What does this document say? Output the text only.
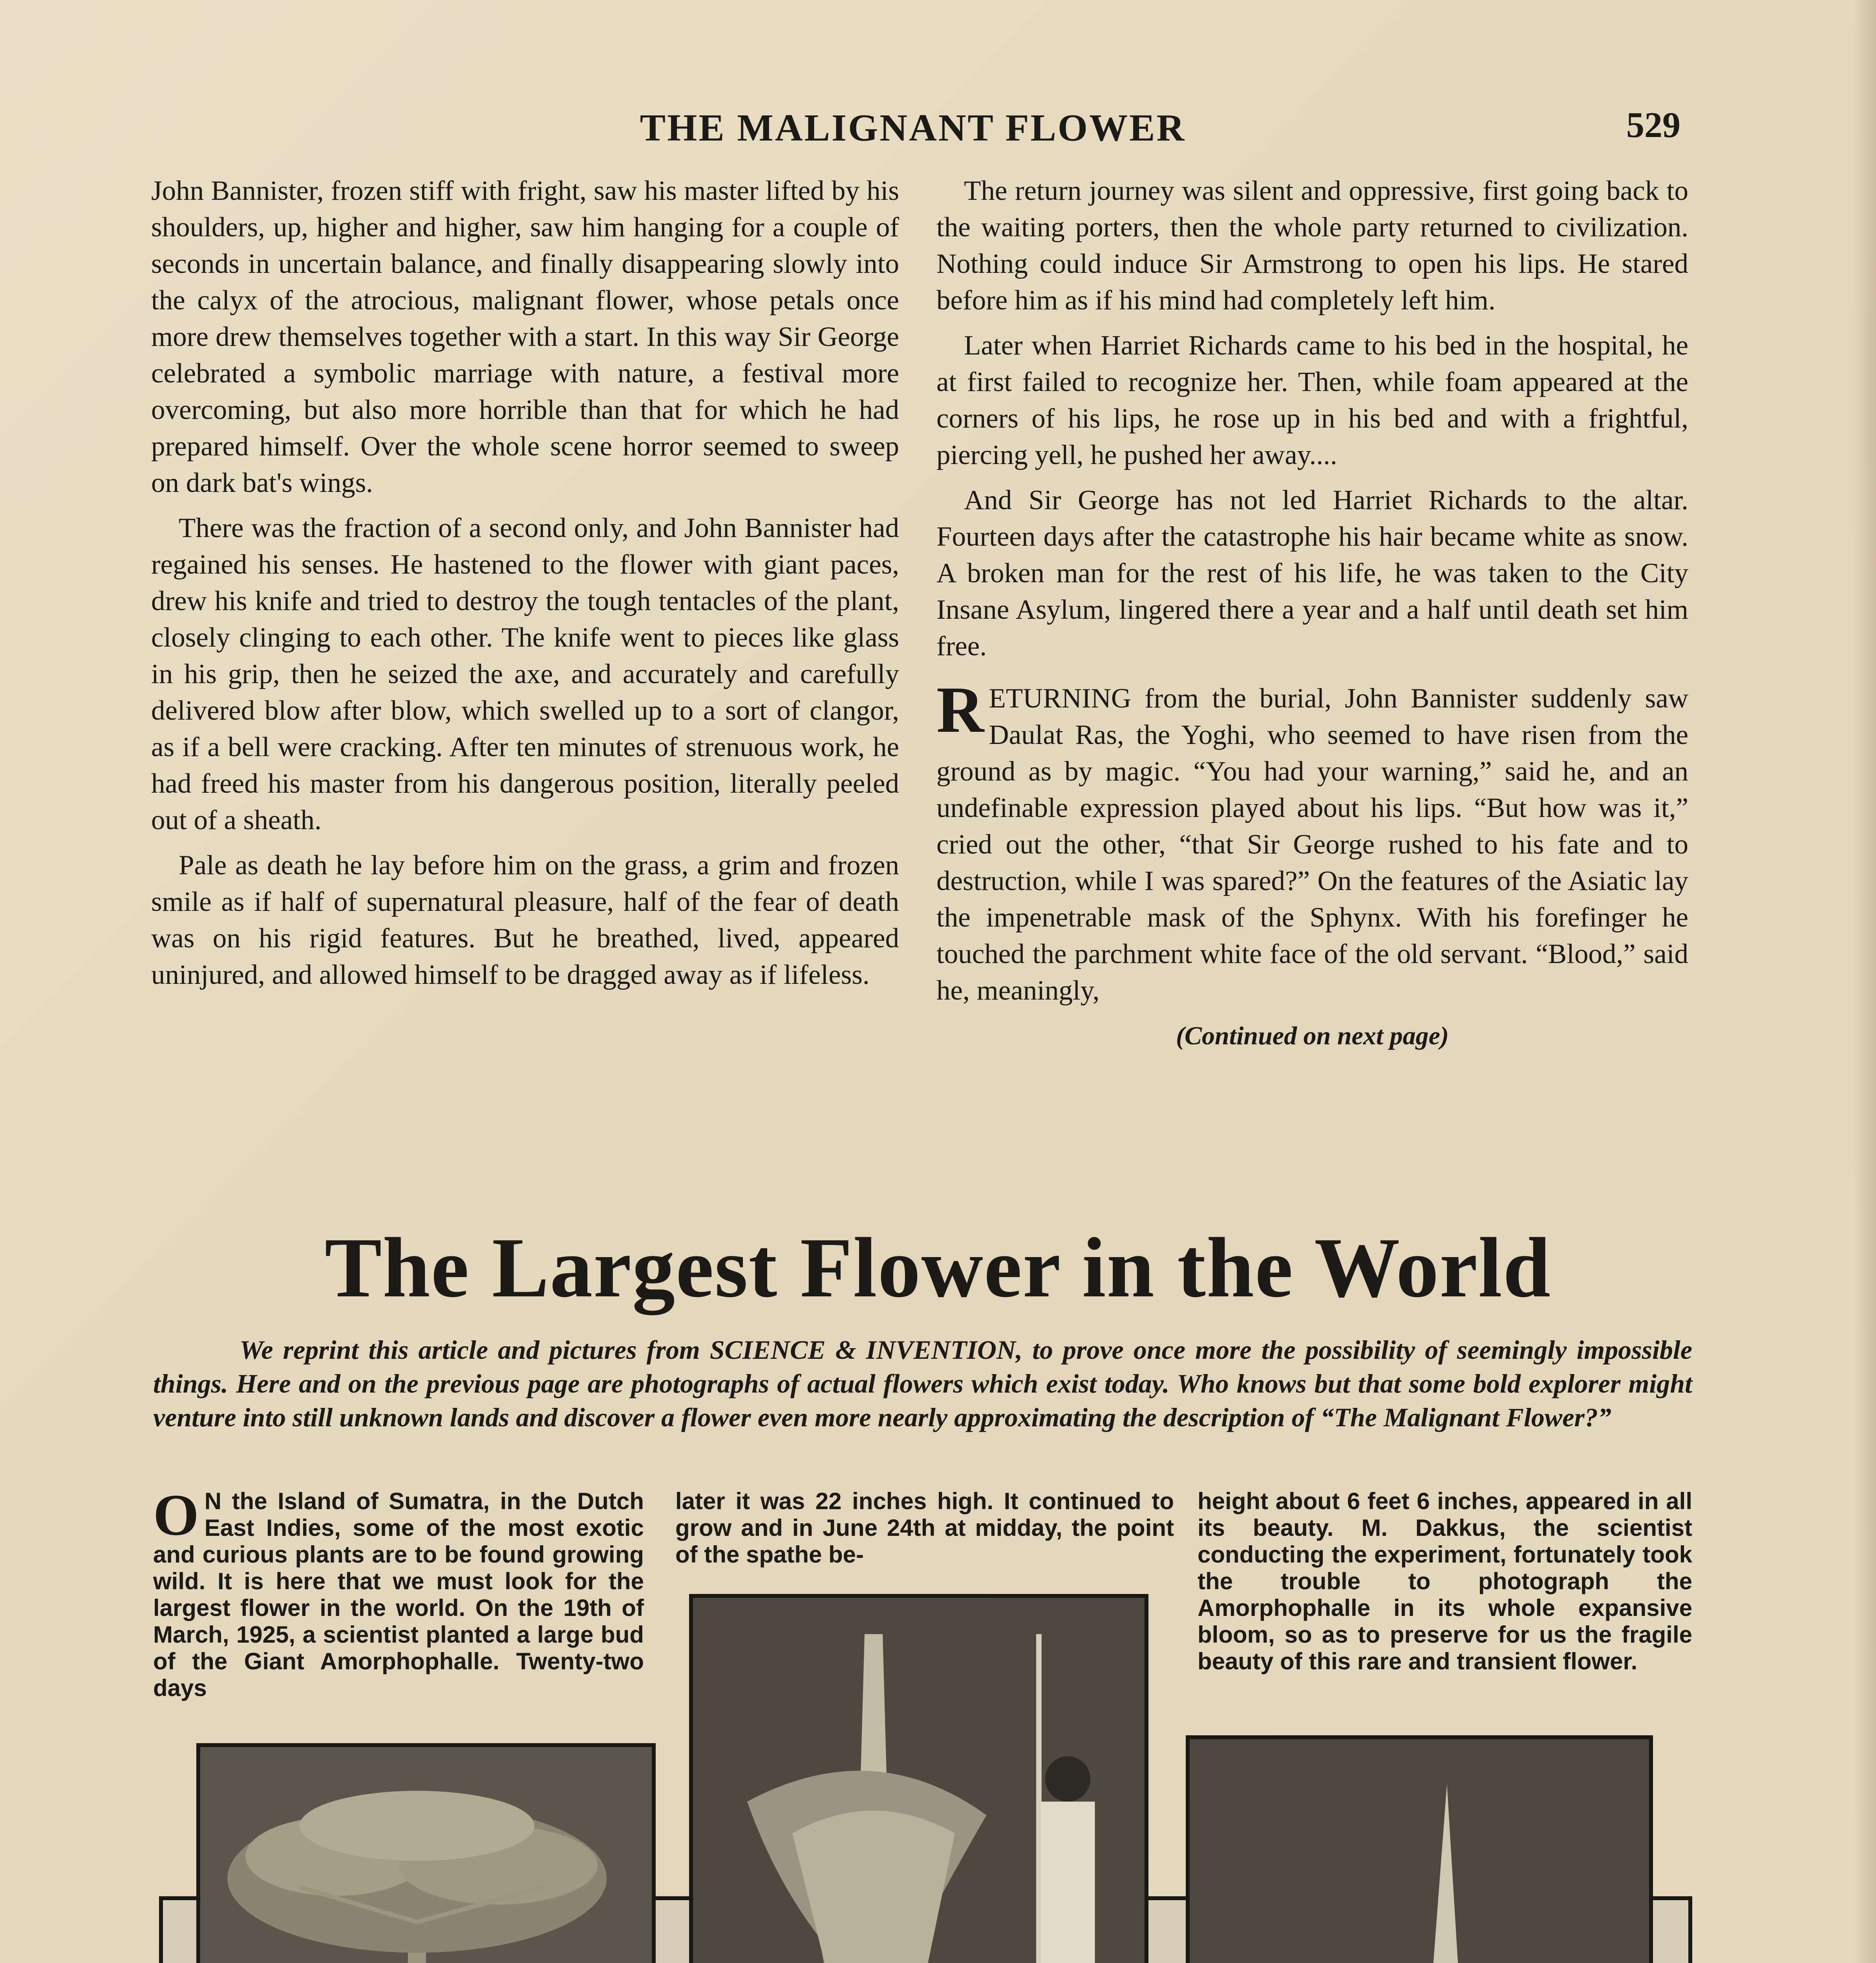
THE MALIGNANT FLOWER	529

John Bannister, frozen stiff with fright, saw his master lifted by his shoulders, up, higher and higher, saw him hanging for a couple of seconds in uncertain balance, and finally disappearing slowly into the calyx of the atrocious, malignant flower, whose petals once more drew themselves together with a start. In this way Sir George celebrated a symbolic marriage with nature, a festival more overcoming, but also more horrible than that for which he had prepared himself. Over the whole scene horror seemed to sweep on dark bat's wings.

There was the fraction of a second only, and John Bannister had regained his senses. He hastened to the flower with giant paces, drew his knife and tried to destroy the tough tentacles of the plant, closely clinging to each other. The knife went to pieces like glass in his grip, then he seized the axe, and accurately and carefully delivered blow after blow, which swelled up to a sort of clangor, as if a bell were cracking. After ten minutes of strenuous work, he had freed his master from his dangerous position, literally peeled out of a sheath.

Pale as death he lay before him on the grass, a grim and frozen smile as if half of supernatural pleasure, half of the fear of death was on his rigid features. But he breathed, lived, appeared uninjured, and allowed himself to be dragged away as if lifeless.

The return journey was silent and oppressive, first going back to the waiting porters, then the whole party returned to civilization. Nothing could induce Sir Armstrong to open his lips. He stared before him as if his mind had completely left him.

Later when Harriet Richards came to his bed in the hospital, he at first failed to recognize her. Then, while foam appeared at the corners of his lips, he rose up in his bed and with a frightful, piercing yell, he pushed her away....

And Sir George has not led Harriet Richards to the altar. Fourteen days after the catastrophe his hair became white as snow. A broken man for the rest of his life, he was taken to the City Insane Asylum, lingered there a year and a half until death set him free.

RETURNING from the burial, John Bannister suddenly saw Daulat Ras, the Yoghi, who seemed to have risen from the ground as by magic. “You had your warning,” said he, and an undefinable expression played about his lips. “But how was it,” cried out the other, “that Sir George rushed to his fate and to destruction, while I was spared?” On the features of the Asiatic lay the impenetrable mask of the Sphynx. With his forefinger he touched the parchment white face of the old servant. “Blood,” said he, meaningly,

(Continued on next page)
The Largest Flower in the World
We reprint this article and pictures from SCIENCE & INVENTION, to prove once more the possibility of seemingly impossible things. Here and on the previous page are photographs of actual flowers which exist today. Who knows but that some bold explorer might venture into still unknown lands and discover a flower even more nearly approximating the description of “The Malignant Flower?”
O N the Island of Sumatra, in the Dutch East Indies, some of the most exotic and curious plants are to be found growing wild. It is here that we must look for the largest flower in the world. On the 19th of March, 1925, a scientist planted a large bud of the Giant Amorphophalle. Twenty-two days
later it was 22 inches high. It continued to grow and in June 24th at midday, the point of the spathe be-
height about 6 feet 6 inches, appeared in all its beauty. M. Dakkus, the scientist conducting the experiment, fortunately took the trouble to photograph the Amorphophalle in its whole expansive bloom, so as to preserve for us the fragile beauty of this rare and transient flower.
